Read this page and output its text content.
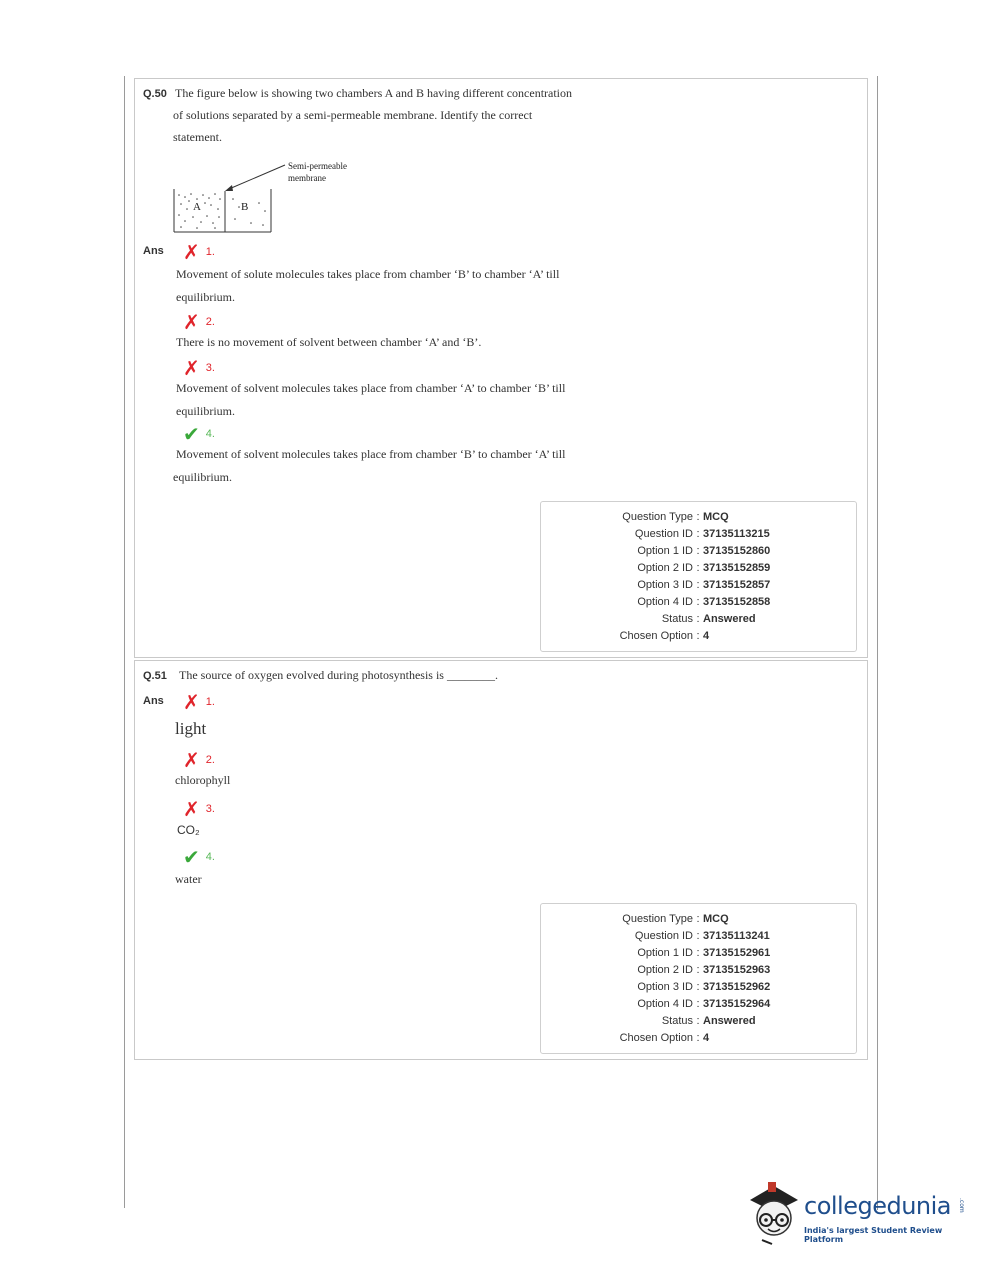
Q.50 The figure below is showing two chambers A and B having different concentration
of solutions separated by a semi-permeable membrane. Identify the correct
statement.
A	B
Semi-permeable
membrane
Ans ✗ 1.
Movement of solute molecules takes place from chamber ‘B’ to chamber ‘A’ till
equilibrium.
✗ 2.
There is no movement of solvent between chamber ‘A’ and ‘B’.
✗ 3.
Movement of solvent molecules takes place from chamber ‘A’ to chamber ‘B’ till
equilibrium.
✔ 4.
Movement of solvent molecules takes place from chamber ‘B’ to chamber ‘A’ till
equilibrium.
Question Type : MCQ
Question ID : 37135113215
Option 1 ID : 37135152860
Option 2 ID : 37135152859
Option 3 ID : 37135152857
Option 4 ID : 37135152858
Status : Answered
Chosen Option : 4
Q.51 The source of oxygen evolved during photosynthesis is ________.
Ans ✗ 1.
light
✗ 2.
chlorophyll
✗ 3.
CO₂
✔ 4.
water
Question Type : MCQ
Question ID : 37135113241
Option 1 ID : 37135152961
Option 2 ID : 37135152963
Option 3 ID : 37135152962
Option 4 ID : 37135152964
Status : Answered
Chosen Option : 4
collegedunia .com
India's largest Student Review Platform
